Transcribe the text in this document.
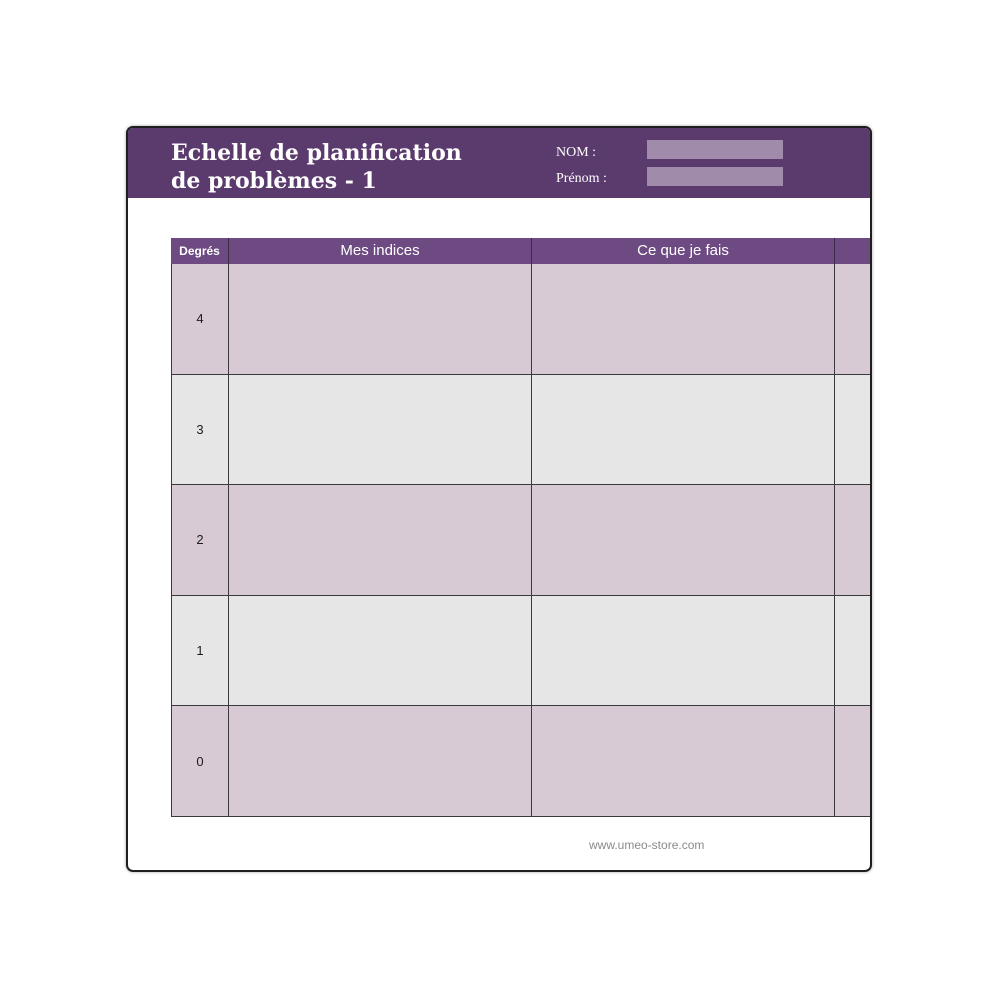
Echelle de planification
de problèmes - 1
NOM :
Prénom :
Degrés	Mes indices	Ce que je fais
4
3
2
1
0
www.umeo-store.com
